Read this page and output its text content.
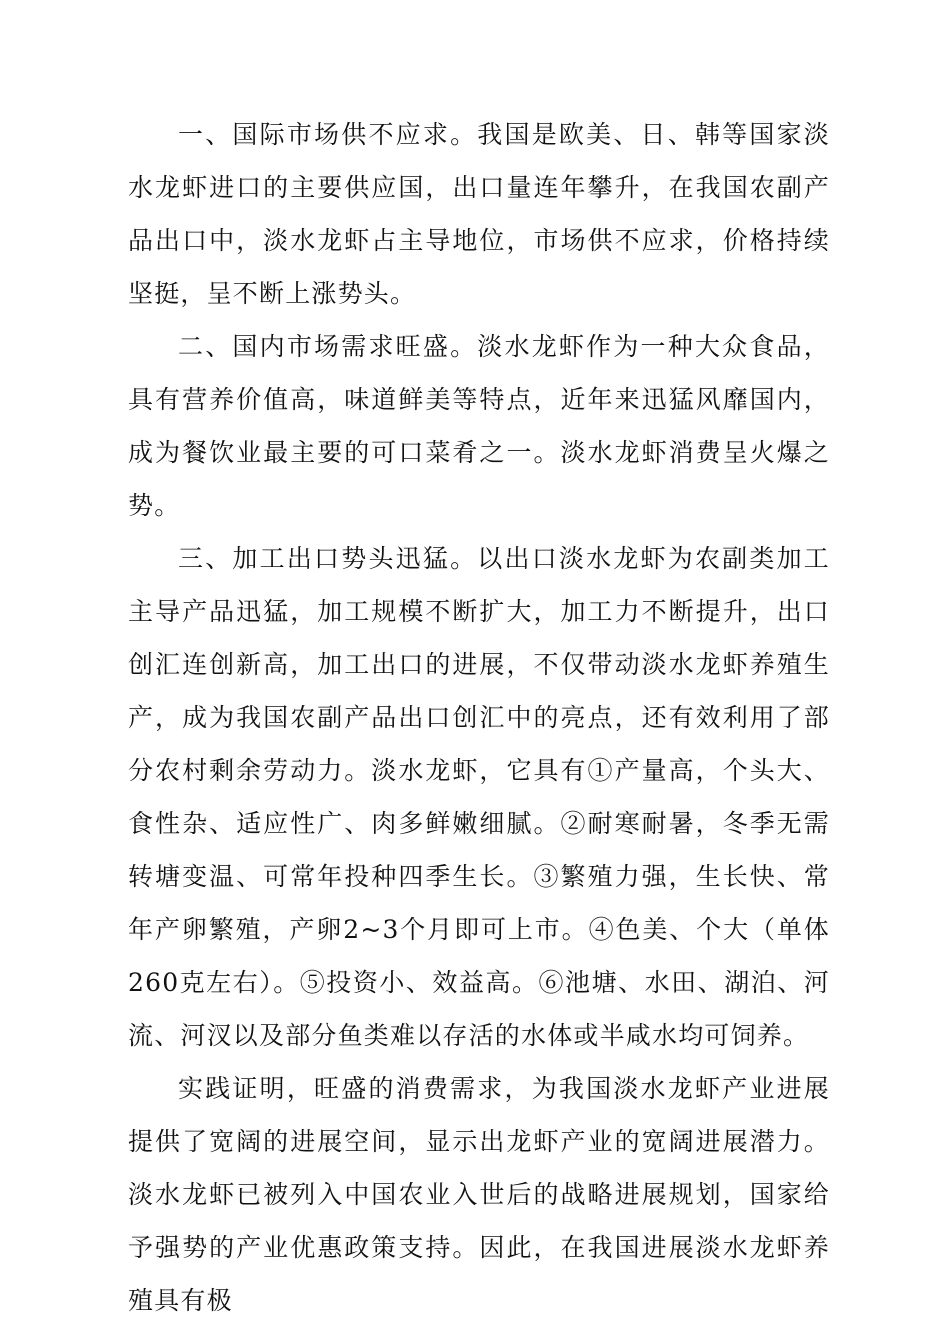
一、国际市场供不应求。我国是欧美、日、韩等国家淡水龙虾进口的主要供应国，出口量连年攀升，在我国农副产品出口中，淡水龙虾占主导地位，市场供不应求，价格持续坚挺，呈不断上涨势头。

二、国内市场需求旺盛。淡水龙虾作为一种大众食品，具有营养价值高，味道鲜美等特点，近年来迅猛风靡国内，成为餐饮业最主要的可口菜肴之一。淡水龙虾消费呈火爆之势。

三、加工出口势头迅猛。以出口淡水龙虾为农副类加工主导产品迅猛，加工规模不断扩大，加工力不断提升，出口创汇连创新高，加工出口的进展，不仅带动淡水龙虾养殖生产，成为我国农副产品出口创汇中的亮点，还有效利用了部分农村剩余劳动力。淡水龙虾，它具有①产量高，个头大、食性杂、适应性广、肉多鲜嫩细腻。②耐寒耐暑，冬季无需转塘变温、可常年投种四季生长。③繁殖力强，生长快、常年产卵繁殖，产卵2~3个月即可上市。④色美、个大（单体260克左右）。⑤投资小、效益高。⑥池塘、水田、湖泊、河流、河汊以及部分鱼类难以存活的水体或半咸水均可饲养。

实践证明，旺盛的消费需求，为我国淡水龙虾产业进展提供了宽阔的进展空间，显示出龙虾产业的宽阔进展潜力。淡水龙虾已被列入中国农业入世后的战略进展规划，国家给予强势的产业优惠政策支持。因此，在我国进展淡水龙虾养殖具有极
